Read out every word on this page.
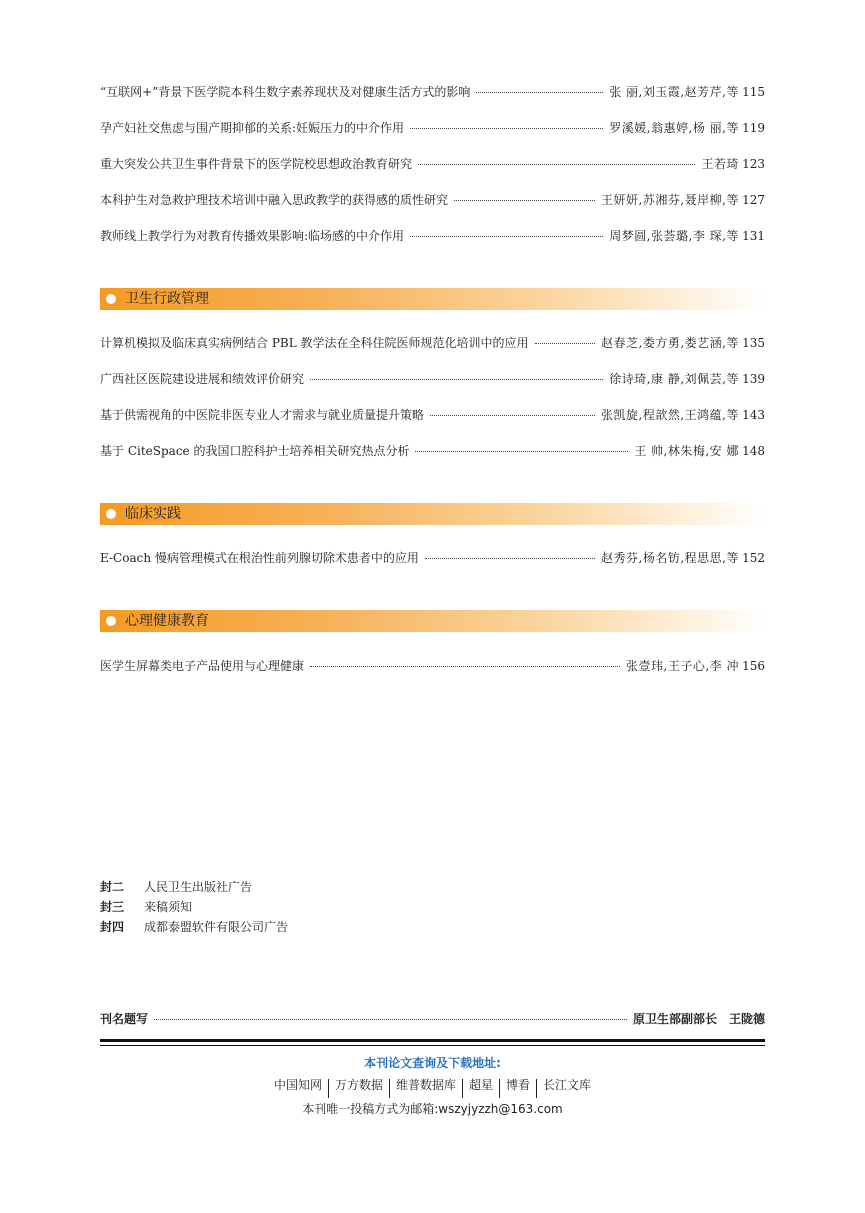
“互联网+”背景下医学院本科生数字素养现状及对健康生活方式的影响	张 丽,刘玉霞,赵芳芹,等 115
孕产妇社交焦虑与围产期抑郁的关系:妊娠压力的中介作用	罗溪媛,翁惠婷,杨 丽,等 119
重大突发公共卫生事件背景下的医学院校思想政治教育研究	王若琦 123
本科护生对急救护理技术培训中融入思政教学的获得感的质性研究	王妍妍,苏湘芬,聂岸柳,等 127
教师线上教学行为对教育传播效果影响:临场感的中介作用	周梦圆,张荟璐,李 琛,等 131
卫生行政管理
计算机模拟及临床真实病例结合 PBL 教学法在全科住院医师规范化培训中的应用	赵春芝,娄方勇,娄艺涵,等 135
广西社区医院建设进展和绩效评价研究	徐诗琦,康 静,刘佩芸,等 139
基于供需视角的中医院非医专业人才需求与就业质量提升策略	张凯旋,程歆然,王鸿蕴,等 143
基于 CiteSpace 的我国口腔科护士培养相关研究热点分析	王 帅,林朱梅,安 娜 148
临床实践
E-Coach 慢病管理模式在根治性前列腺切除术患者中的应用	赵秀芬,杨名钫,程思思,等 152
心理健康教育
医学生屏幕类电子产品使用与心理健康	张壹玮,王子心,李 冲 156
封二	人民卫生出版社广告
封三	来稿须知
封四	成都泰盟软件有限公司广告
刊名题写	原卫生部副部长　王陇德
本刊论文查询及下载地址:
中国知网	万方数据	维普数据库	超星	博看	长江文库
本刊唯一投稿方式为邮箱:wszyjyzzh@163.com
